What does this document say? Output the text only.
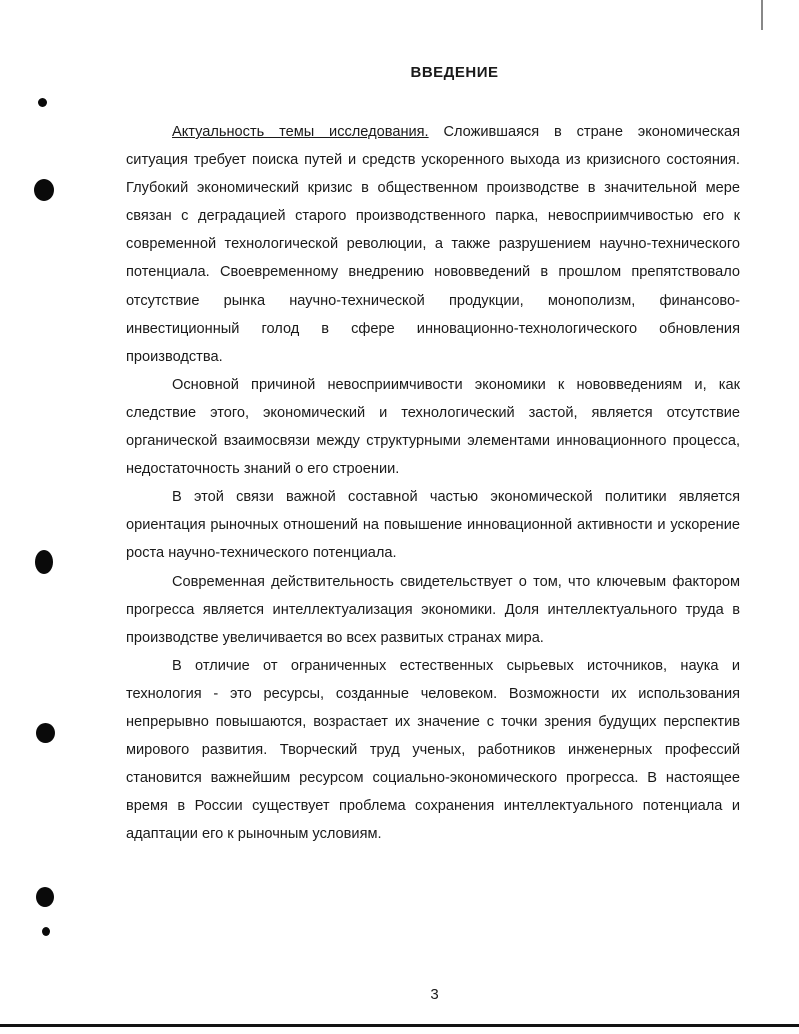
ВВЕДЕНИЕ

Актуальность темы исследования. Сложившаяся в стране экономическая ситуация требует поиска путей и средств ускоренного выхода из кризисного состояния. Глубокий экономический кризис в общественном производстве в значительной мере связан с деградацией старого производственного парка, невосприимчивостью его к современной технологической революции, а также разрушением научно-технического потенциала. Своевременному внедрению нововведений в прошлом препятствовало отсутствие рынка научно-технической продукции, монополизм, финансово-инвестиционный голод в сфере инновационно-технологического обновления производства.

Основной причиной невосприимчивости экономики к нововведениям и, как следствие этого, экономический и технологический застой, является отсутствие органической взаимосвязи между структурными элементами инновационного процесса, недостаточность знаний о его строении.

В этой связи важной составной частью экономической политики является ориентация рыночных отношений на повышение инновационной активности и ускорение роста научно-технического потенциала.

Современная действительность свидетельствует о том, что ключевым фактором прогресса является интеллектуализация экономики. Доля интеллектуального труда в производстве увеличивается во всех развитых странах мира.

В отличие от ограниченных естественных сырьевых источников, наука и технология - это ресурсы, созданные человеком. Возможности их использования непрерывно повышаются, возрастает их значение с точки зрения будущих перспектив мирового развития. Творческий труд ученых, работников инженерных профессий становится важнейшим ресурсом социально-экономического прогресса. В настоящее время в России существует проблема сохранения интеллектуального потенциала и адаптации его к рыночным условиям.

3
